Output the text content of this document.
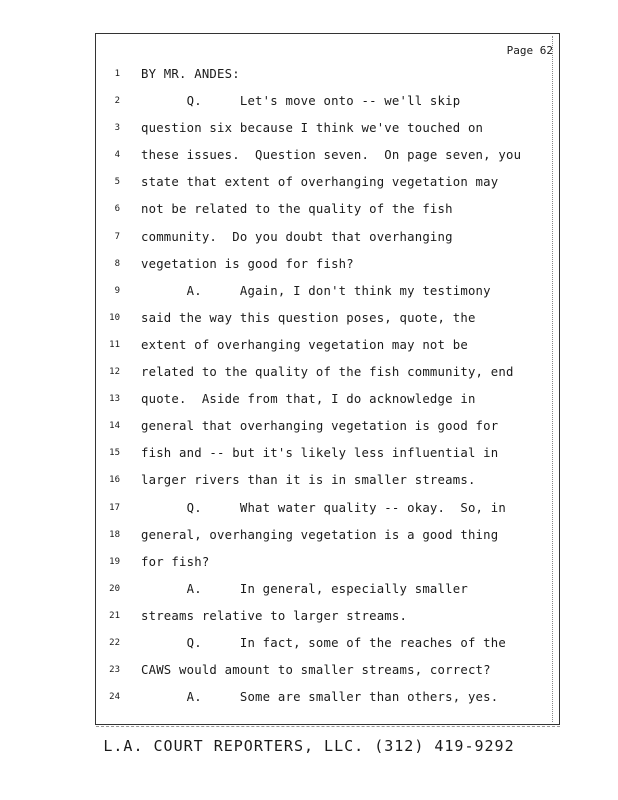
Page 62
1 BY MR. ANDES:
2 Q.     Let's move onto -- we'll skip
3 question six because I think we've touched on
4 these issues.  Question seven.  On page seven, you
5 state that extent of overhanging vegetation may
6 not be related to the quality of the fish
7 community.  Do you doubt that overhanging
8 vegetation is good for fish?
9 A.     Again, I don't think my testimony
10 said the way this question poses, quote, the
11 extent of overhanging vegetation may not be
12 related to the quality of the fish community, end
13 quote.  Aside from that, I do acknowledge in
14 general that overhanging vegetation is good for
15 fish and -- but it's likely less influential in
16 larger rivers than it is in smaller streams.
17 Q.     What water quality -- okay.  So, in
18 general, overhanging vegetation is a good thing
19 for fish?
20 A.     In general, especially smaller
21 streams relative to larger streams.
22 Q.     In fact, some of the reaches of the
23 CAWS would amount to smaller streams, correct?
24 A.     Some are smaller than others, yes.
L.A. COURT REPORTERS, LLC. (312) 419-9292
